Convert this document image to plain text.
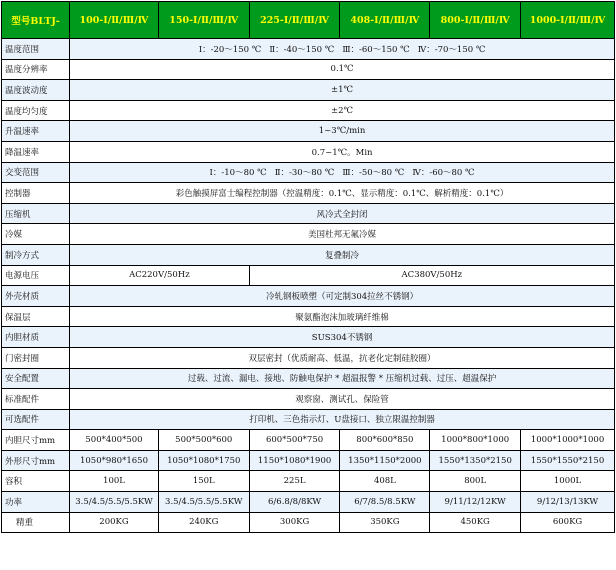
型号BLTJ-	100-Ⅰ/Ⅱ/Ⅲ/Ⅳ	150-Ⅰ/Ⅱ/Ⅲ/Ⅳ	225-Ⅰ/Ⅱ/Ⅲ/Ⅳ	408-Ⅰ/Ⅱ/Ⅲ/Ⅳ	800-Ⅰ/Ⅱ/Ⅲ/Ⅳ	1000-Ⅰ/Ⅱ/Ⅲ/Ⅳ
温度范围	Ⅰ：-20～150 ℃   Ⅱ：-40～150 ℃   Ⅲ：-60～150 ℃   Ⅳ：-70～150 ℃					
温度分辨率	0.1℃					
温度波动度	±1℃					
温度均匀度	±2℃					
升温速率	1~3℃/min					
降温速率	0.7~1℃。Min					
交变范围	Ⅰ：-10～80 ℃   Ⅱ：-30～80 ℃   Ⅲ：-50～80 ℃   Ⅳ：-60～80 ℃					
控制器	彩色触摸屏富士编程控制器（控温精度：0.1℃、显示精度：0.1℃、解析精度：0.1℃）					
压缩机	风冷式全封闭					
冷媒	美国杜邦无氟冷媒					
制冷方式	复叠制冷					
电源电压	AC220V/50Hz		AC380V/50Hz			
外壳材质	冷轧钢板喷塑（可定制304拉丝不锈钢）					
保温层	聚氨酯泡沫加玻璃纤维棉					
内胆材质	SUS304不锈钢					
门密封圈	双层密封（优质耐高、低温，抗老化定制硅胶圈）					
安全配置	过载、过流、漏电、接地、防触电保护 * 超温报警 * 压缩机过载、过压、超温保护					
标准配件	观察窗、测试孔、保险管					
可选配件	打印机、三色指示灯、U盘接口、独立限温控制器					
内胆尺寸mm	500*400*500	500*500*600	600*500*750	800*600*850	1000*800*1000	1000*1000*1000
外形尺寸mm	1050*980*1650	1050*1080*1750	1150*1080*1900	1350*1150*2000	1550*1350*2150	1550*1550*2150
容积	100L	150L	225L	408L	800L	1000L
功率	3.5/4.5/5.5/5.5KW	3.5/4.5/5.5/5.5KW	6/6.8/8/8KW	6/7/8.5/8.5KW	9/11/12/12KW	9/12/13/13KW
精重	200KG	240KG	300KG	350KG	450KG	600KG
